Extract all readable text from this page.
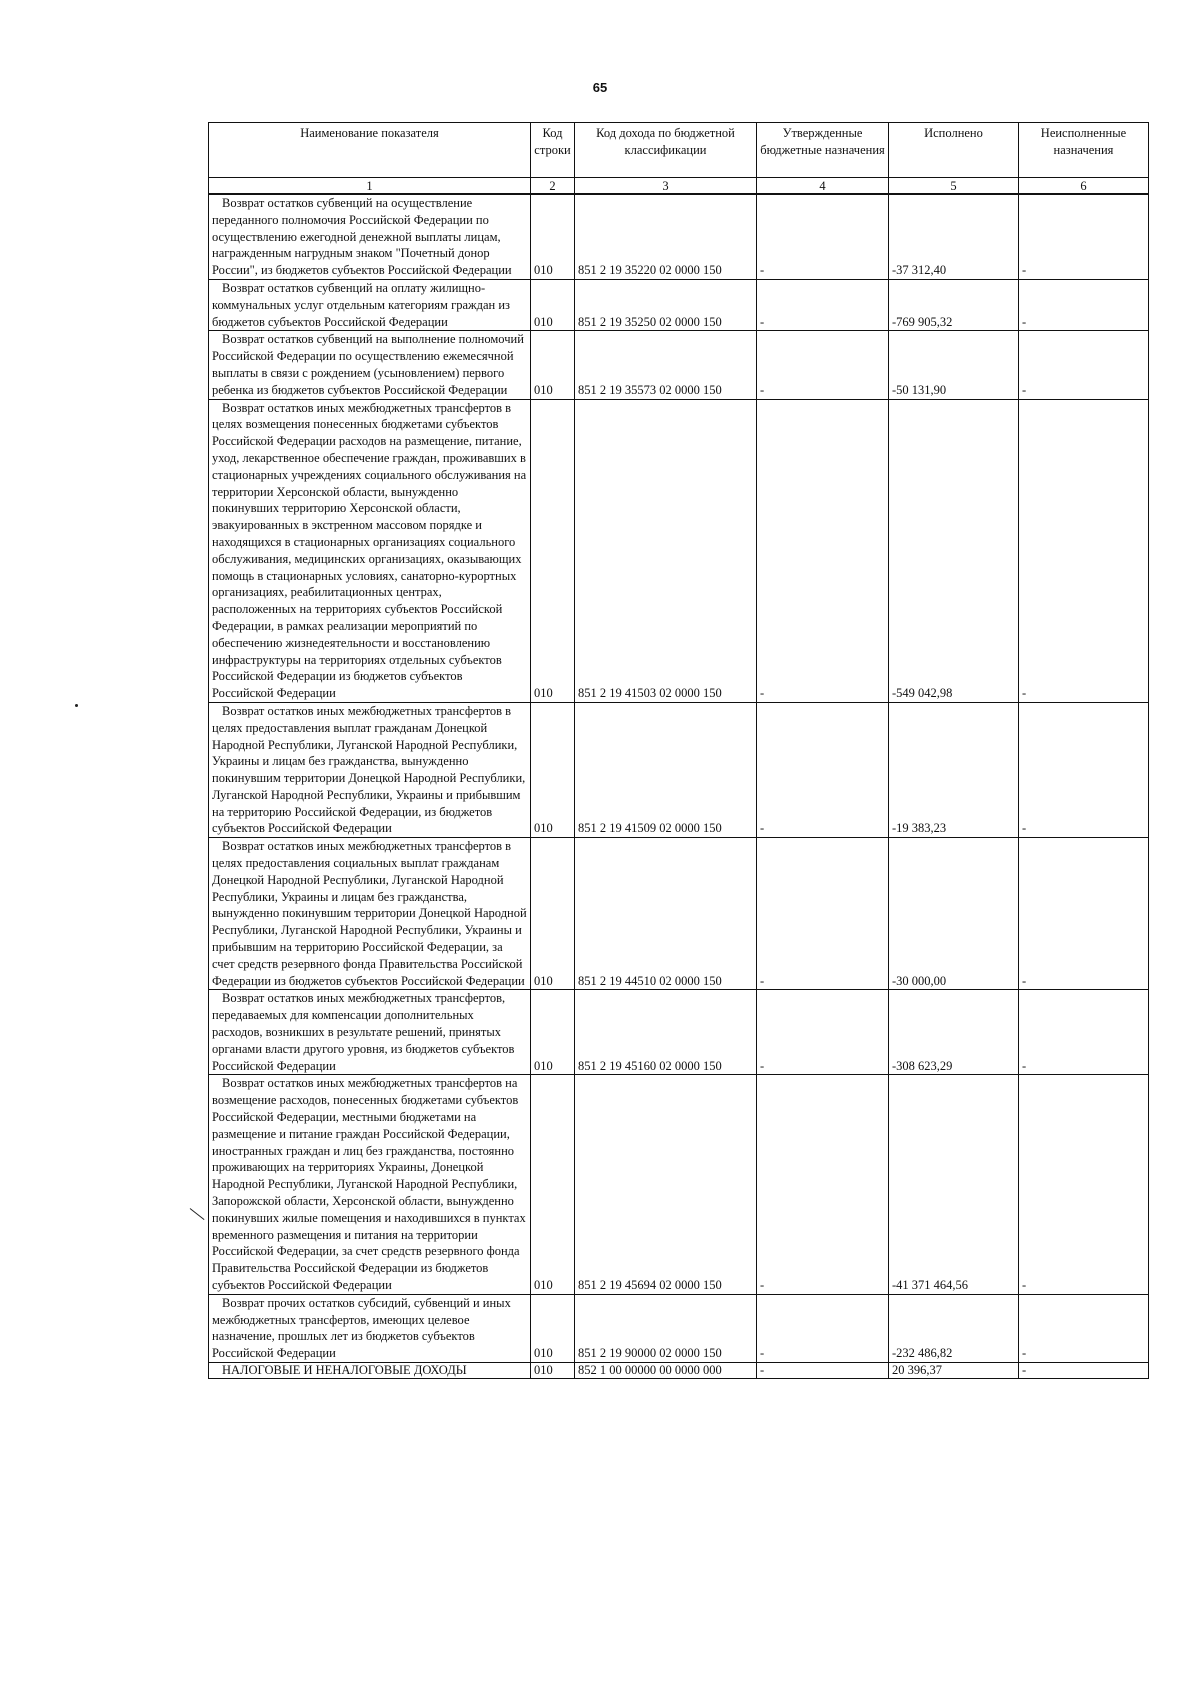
65
Наименование показателя	Код строки	Код дохода по бюджетной классификации	Утвержденные бюджетные назначения	Исполнено	Неисполненные назначения
1	2	3	4	5	6
Возврат остатков субвенций на осуществление переданного полномочия Российской Федерации по осуществлению ежегодной денежной выплаты лицам, награжденным нагрудным знаком "Почетный донор России", из бюджетов субъектов Российской Федерации	010	851 2 19 35220 02 0000 150	-	-37 312,40	-
Возврат остатков субвенций на оплату жилищно-коммунальных услуг отдельным категориям граждан из бюджетов субъектов Российской Федерации	010	851 2 19 35250 02 0000 150	-	-769 905,32	-
Возврат остатков субвенций на выполнение полномочий Российской Федерации по осуществлению ежемесячной выплаты в связи с рождением (усыновлением) первого ребенка из бюджетов субъектов Российской Федерации	010	851 2 19 35573 02 0000 150	-	-50 131,90	-
Возврат остатков иных межбюджетных трансфертов в целях возмещения понесенных бюджетами субъектов Российской Федерации расходов на размещение, питание, уход, лекарственное обеспечение граждан, проживавших в стационарных учреждениях социального обслуживания на территории Херсонской области, вынужденно покинувших территорию Херсонской области, эвакуированных в экстренном массовом порядке и находящихся в стационарных организациях социального обслуживания, медицинских организациях, оказывающих помощь в стационарных условиях, санаторно-курортных организациях, реабилитационных центрах, расположенных на территориях субъектов Российской Федерации, в рамках реализации мероприятий по обеспечению жизнедеятельности и восстановлению инфраструктуры на территориях отдельных субъектов Российской Федерации из бюджетов субъектов Российской Федерации	010	851 2 19 41503 02 0000 150	-	-549 042,98	-
Возврат остатков иных межбюджетных трансфертов в целях предоставления выплат гражданам Донецкой Народной Республики, Луганской Народной Республики, Украины и лицам без гражданства, вынужденно покинувшим территории Донецкой Народной Республики, Луганской Народной Республики, Украины и прибывшим на территорию Российской Федерации, из бюджетов субъектов Российской Федерации	010	851 2 19 41509 02 0000 150	-	-19 383,23	-
Возврат остатков иных межбюджетных трансфертов в целях предоставления социальных выплат гражданам Донецкой Народной Республики, Луганской Народной Республики, Украины и лицам без гражданства, вынужденно покинувшим территории Донецкой Народной Республики, Луганской Народной Республики, Украины и прибывшим на территорию Российской Федерации, за счет средств резервного фонда Правительства Российской Федерации из бюджетов субъектов Российской Федерации	010	851 2 19 44510 02 0000 150	-	-30 000,00	-
Возврат остатков иных межбюджетных трансфертов, передаваемых для компенсации дополнительных расходов, возникших в результате решений, принятых органами власти другого уровня, из бюджетов субъектов Российской Федерации	010	851 2 19 45160 02 0000 150	-	-308 623,29	-
Возврат остатков иных межбюджетных трансфертов на возмещение расходов, понесенных бюджетами субъектов Российской Федерации, местными бюджетами на размещение и питание граждан Российской Федерации, иностранных граждан и лиц без гражданства, постоянно проживающих на территориях Украины, Донецкой Народной Республики, Луганской Народной Республики, Запорожской области, Херсонской области, вынужденно покинувших жилые помещения и находившихся в пунктах временного размещения и питания на территории Российской Федерации, за счет средств резервного фонда Правительства Российской Федерации из бюджетов субъектов Российской Федерации	010	851 2 19 45694 02 0000 150	-	-41 371 464,56	-
Возврат прочих остатков субсидий, субвенций и иных межбюджетных трансфертов, имеющих целевое назначение, прошлых лет из бюджетов субъектов Российской Федерации	010	851 2 19 90000 02 0000 150	-	-232 486,82	-
НАЛОГОВЫЕ И НЕНАЛОГОВЫЕ ДОХОДЫ	010	852 1 00 00000 00 0000 000	-	20 396,37	-
